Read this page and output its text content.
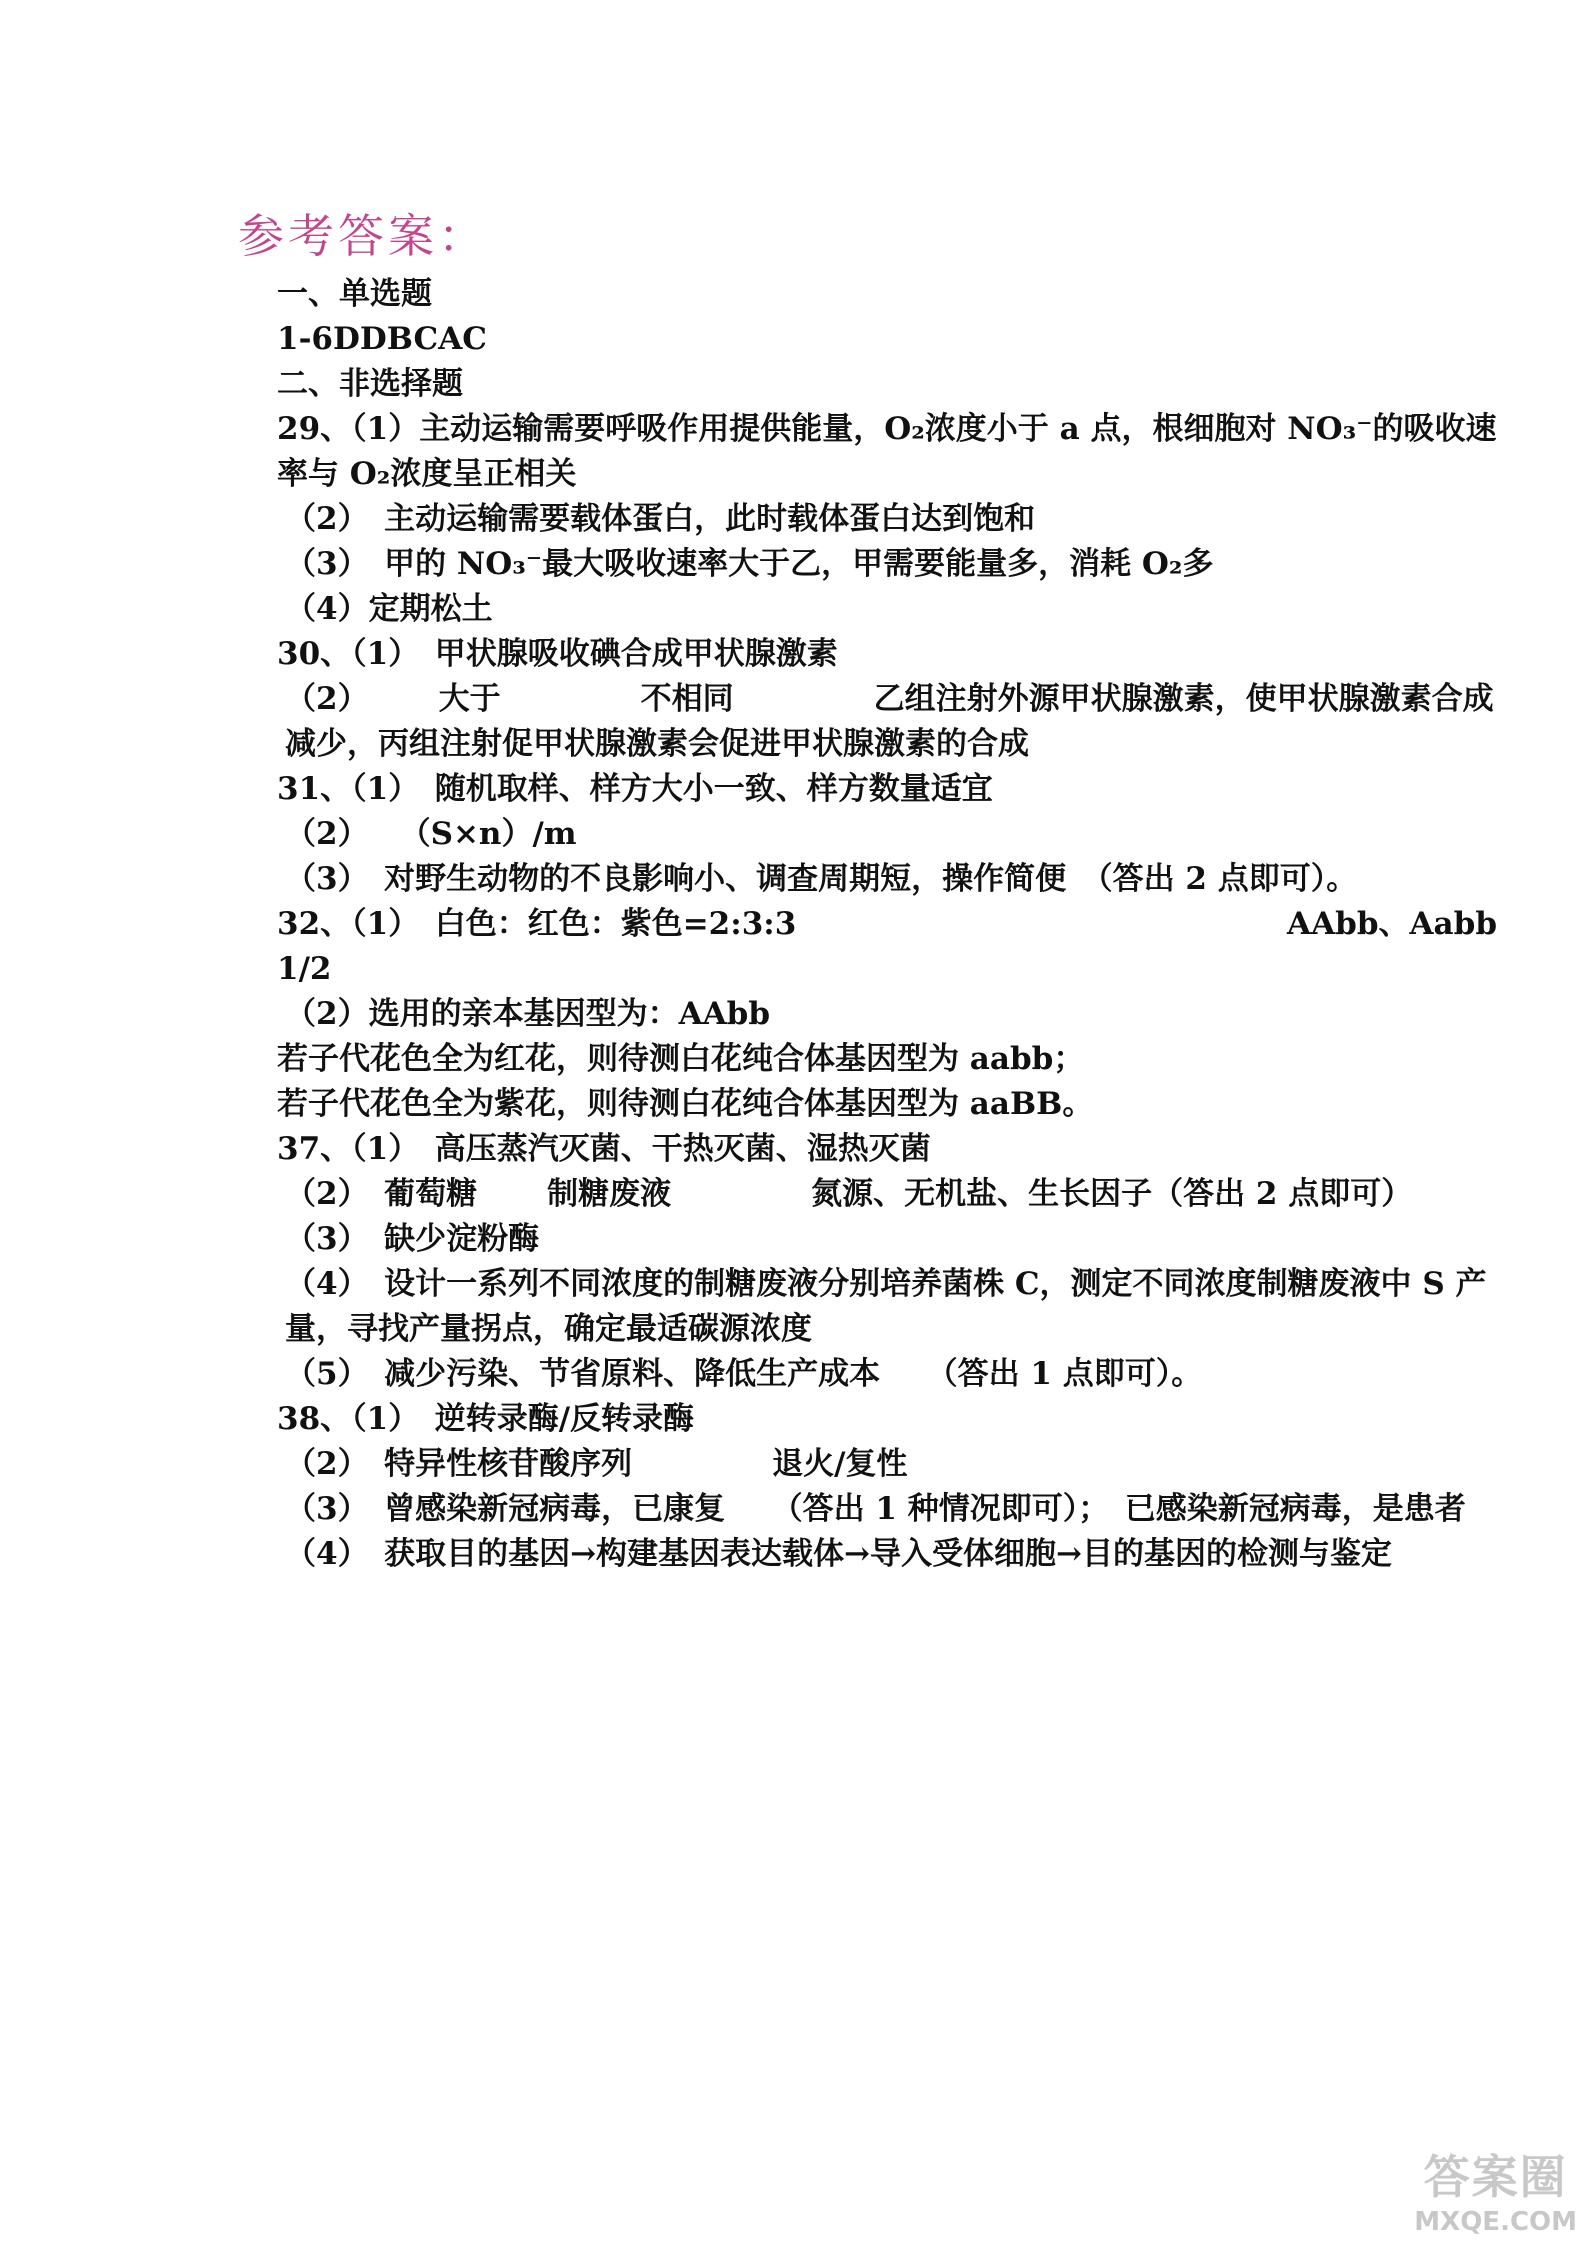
参考答案：
一、单选题
1-6DDBCAC
二、非选择题
29、（1）主动运输需要呼吸作用提供能量，O₂浓度小于 a 点，根细胞对 NO₃⁻的吸收速率与 O₂浓度呈正相关
（2）　主动运输需要载体蛋白，此时载体蛋白达到饱和
（3）　甲的 NO₃⁻最大吸收速率大于乙，甲需要能量多，消耗 O₂多
（4）定期松土
30、（1）　甲状腺吸收碘合成甲状腺激素
（2） 大于	不相同	乙组注射外源甲状腺激素，使甲状腺激素合成减少，丙组注射促甲状腺激素会促进甲状腺激素的合成
31、（1）　随机取样、样方大小一致、样方数量适宜
（2）　　（S×n）/m
（3）　对野生动物的不良影响小、调查周期短，操作简便　（答出 2 点即可）。
32、（1）　白色：红色：紫色=2:3:3	AAbb、Aabb
1/2
（2）选用的亲本基因型为：AAbb
若子代花色全为红花，则待测白花纯合体基因型为 aabb；
若子代花色全为紫花，则待测白花纯合体基因型为 aaBB。
37、（1）　高压蒸汽灭菌、干热灭菌、湿热灭菌
（2）　葡萄糖 制糖废液	氮源、无机盐、生长因子（答出 2 点即可）
（3）　缺少淀粉酶
（4）　设计一系列不同浓度的制糖废液分别培养菌株 C，测定不同浓度制糖废液中 S 产量，寻找产量拐点，确定最适碳源浓度
（5）　减少污染、节省原料、降低生产成本　　（答出 1 点即可）。
38、（1）　逆转录酶/反转录酶
（2）　特异性核苷酸序列	退火/复性
（3）　曾感染新冠病毒，已康复　　（答出 1 种情况即可）；　已感染新冠病毒，是患者
（4）　获取目的基因→构建基因表达载体→导入受体细胞→目的基因的检测与鉴定
答案圈
MXQE.COM
